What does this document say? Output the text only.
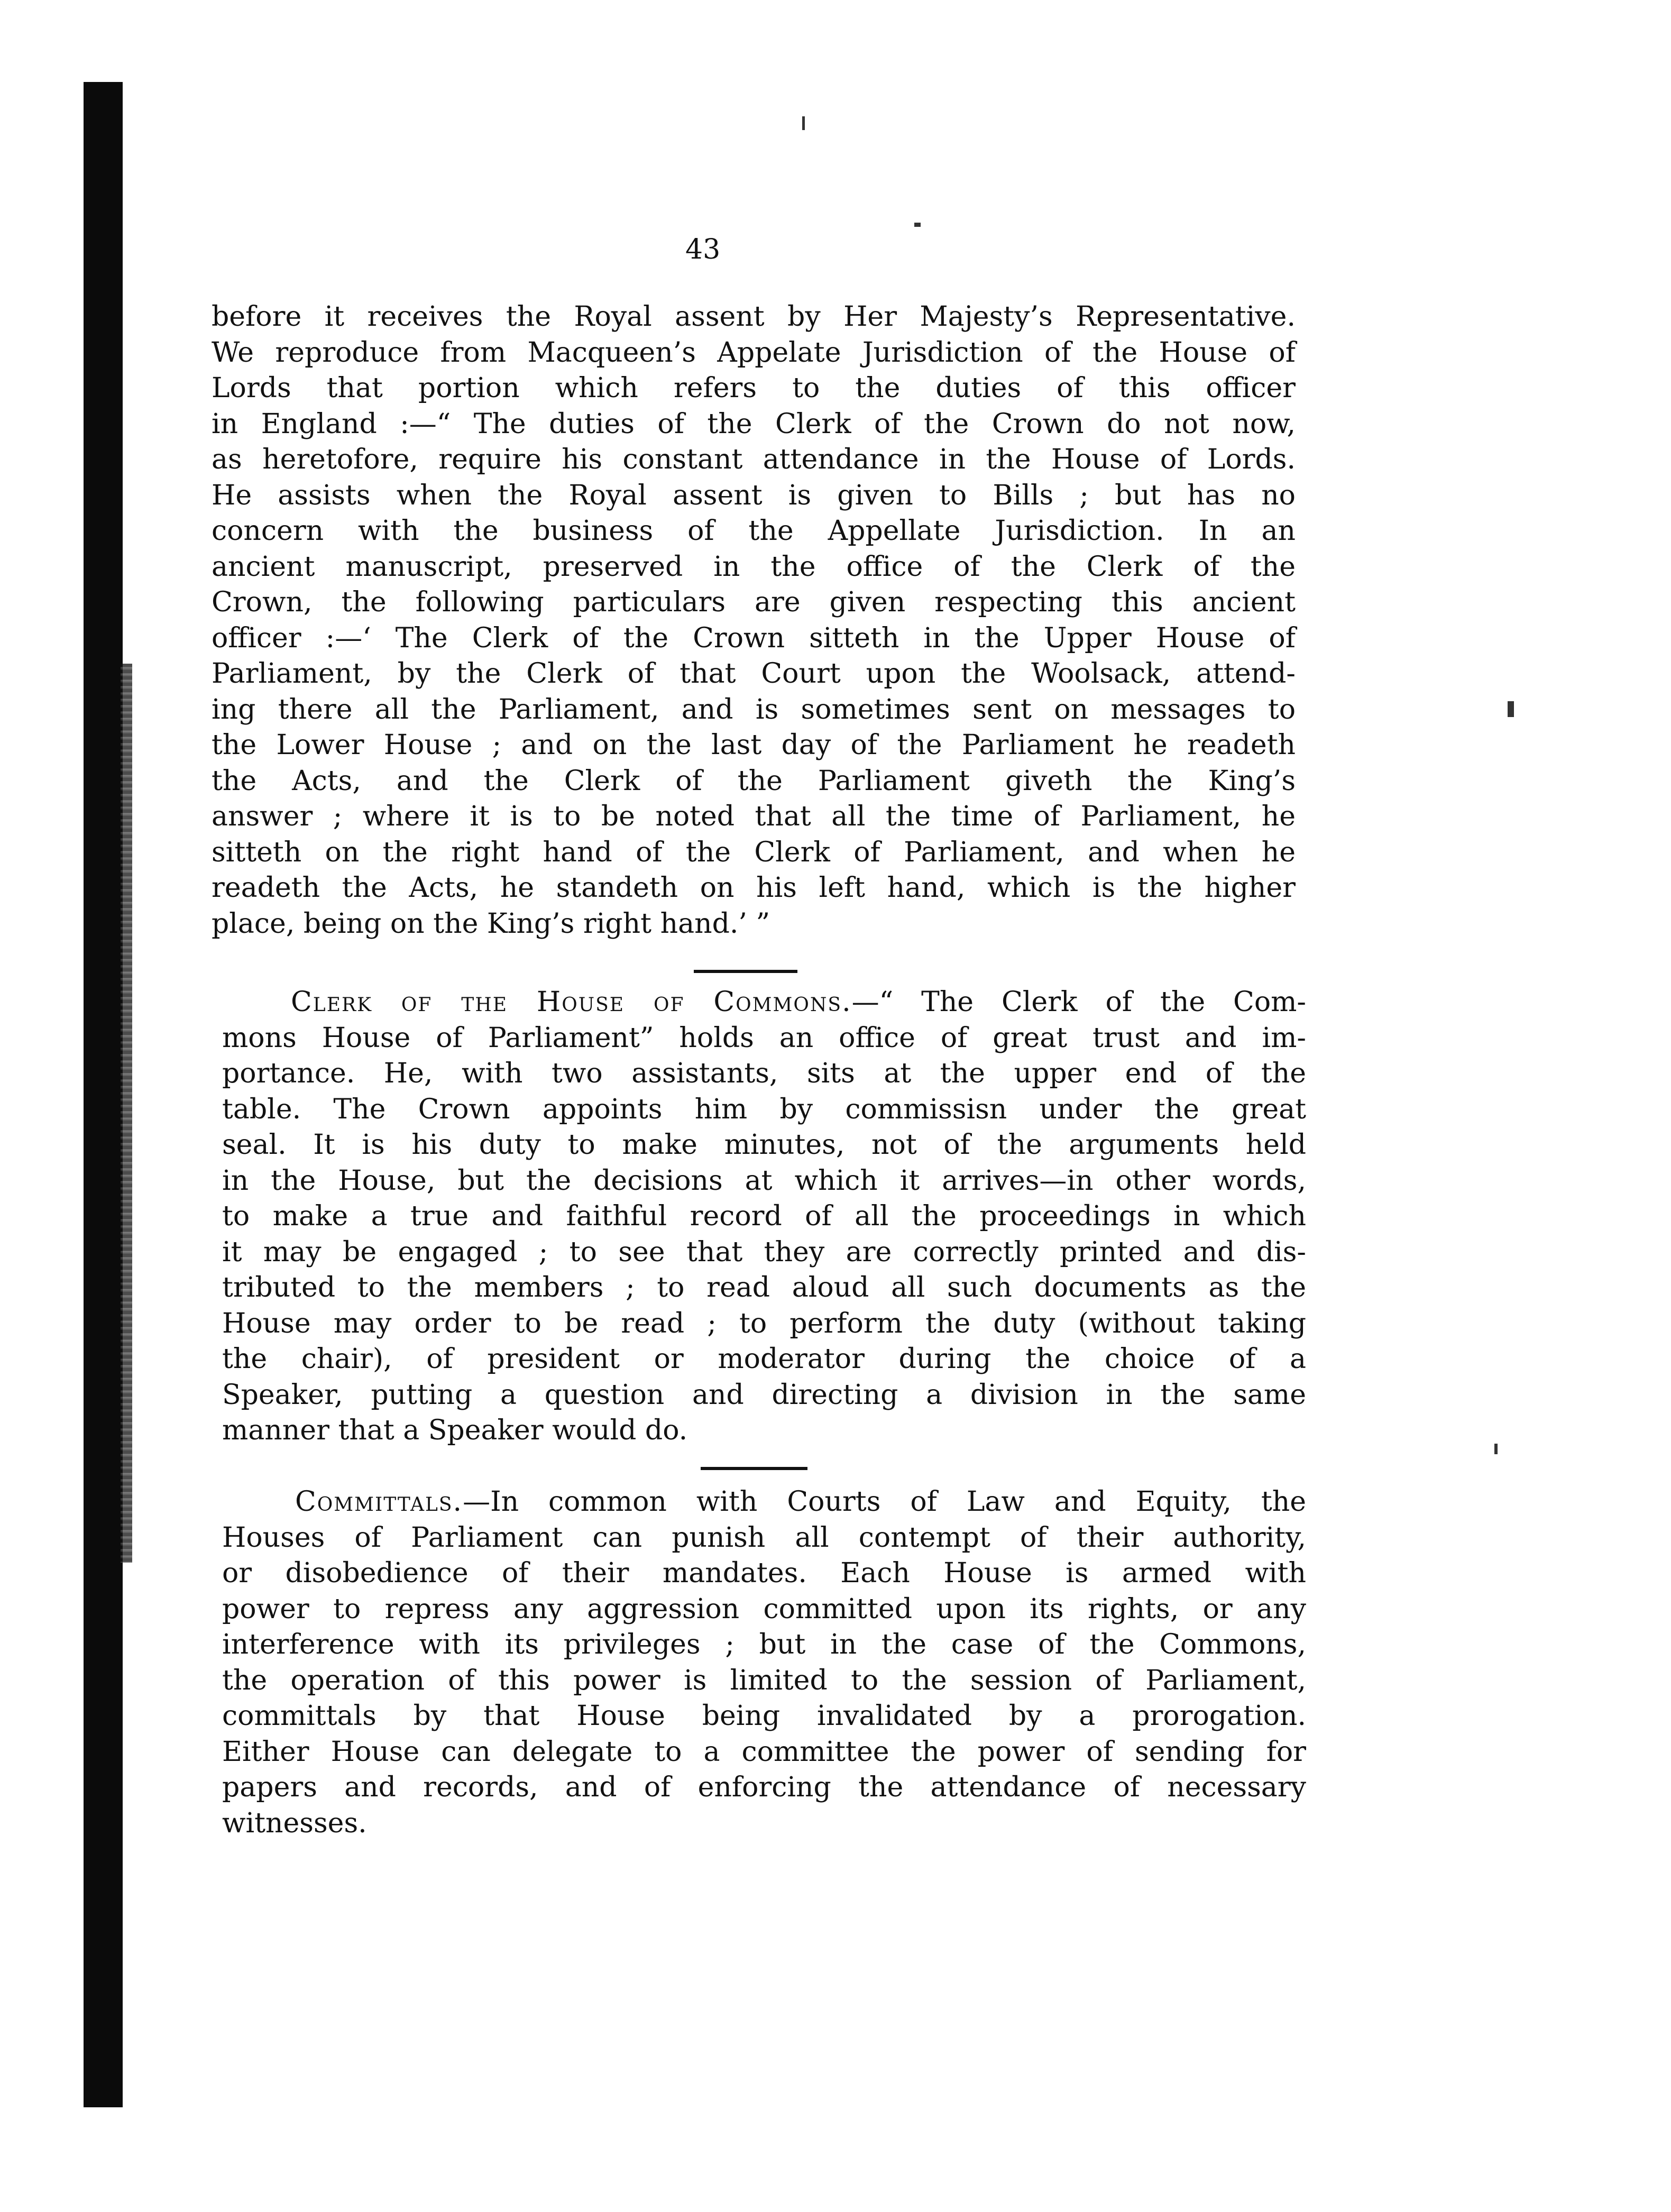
43
before it receives the Royal assent by Her Majesty’s Representative.
We reproduce from Macqueen’s Appelate Jurisdiction of the House of
Lords that portion which refers to the duties of this officer
in England :—“ The duties of the Clerk of the Crown do not now,
as heretofore, require his constant attendance in the House of Lords.
He assists when the Royal assent is given to Bills ; but has no
concern with the business of the Appellate Jurisdiction. In an
ancient manuscript, preserved in the office of the Clerk of the
Crown, the following particulars are given respecting this ancient
officer :—‘ The Clerk of the Crown sitteth in the Upper House of
Parliament, by the Clerk of that Court upon the Woolsack, attend-
ing there all the Parliament, and is sometimes sent on messages to
the Lower House ; and on the last day of the Parliament he readeth
the Acts, and the Clerk of the Parliament giveth the King’s
answer ; where it is to be noted that all the time of Parliament, he
sitteth on the right hand of the Clerk of Parliament, and when he
readeth the Acts, he standeth on his left hand, which is the higher
place, being on the King’s right hand.’ ”
Clerk of the House of Commons.—“ The Clerk of the Com-
mons House of Parliament” holds an office of great trust and im-
portance. He, with two assistants, sits at the upper end of the
table. The Crown appoints him by commissisn under the great
seal. It is his duty to make minutes, not of the arguments held
in the House, but the decisions at which it arrives—in other words,
to make a true and faithful record of all the proceedings in which
it may be engaged ; to see that they are correctly printed and dis-
tributed to the members ; to read aloud all such documents as the
House may order to be read ; to perform the duty (without taking
the chair), of president or moderator during the choice of a
Speaker, putting a question and directing a division in the same
manner that a Speaker would do.
Committals.—In common with Courts of Law and Equity, the
Houses of Parliament can punish all contempt of their authority,
or disobedience of their mandates. Each House is armed with
power to repress any aggression committed upon its rights, or any
interference with its privileges ; but in the case of the Commons,
the operation of this power is limited to the session of Parliament,
committals by that House being invalidated by a prorogation.
Either House can delegate to a committee the power of sending for
papers and records, and of enforcing the attendance of necessary
witnesses.
